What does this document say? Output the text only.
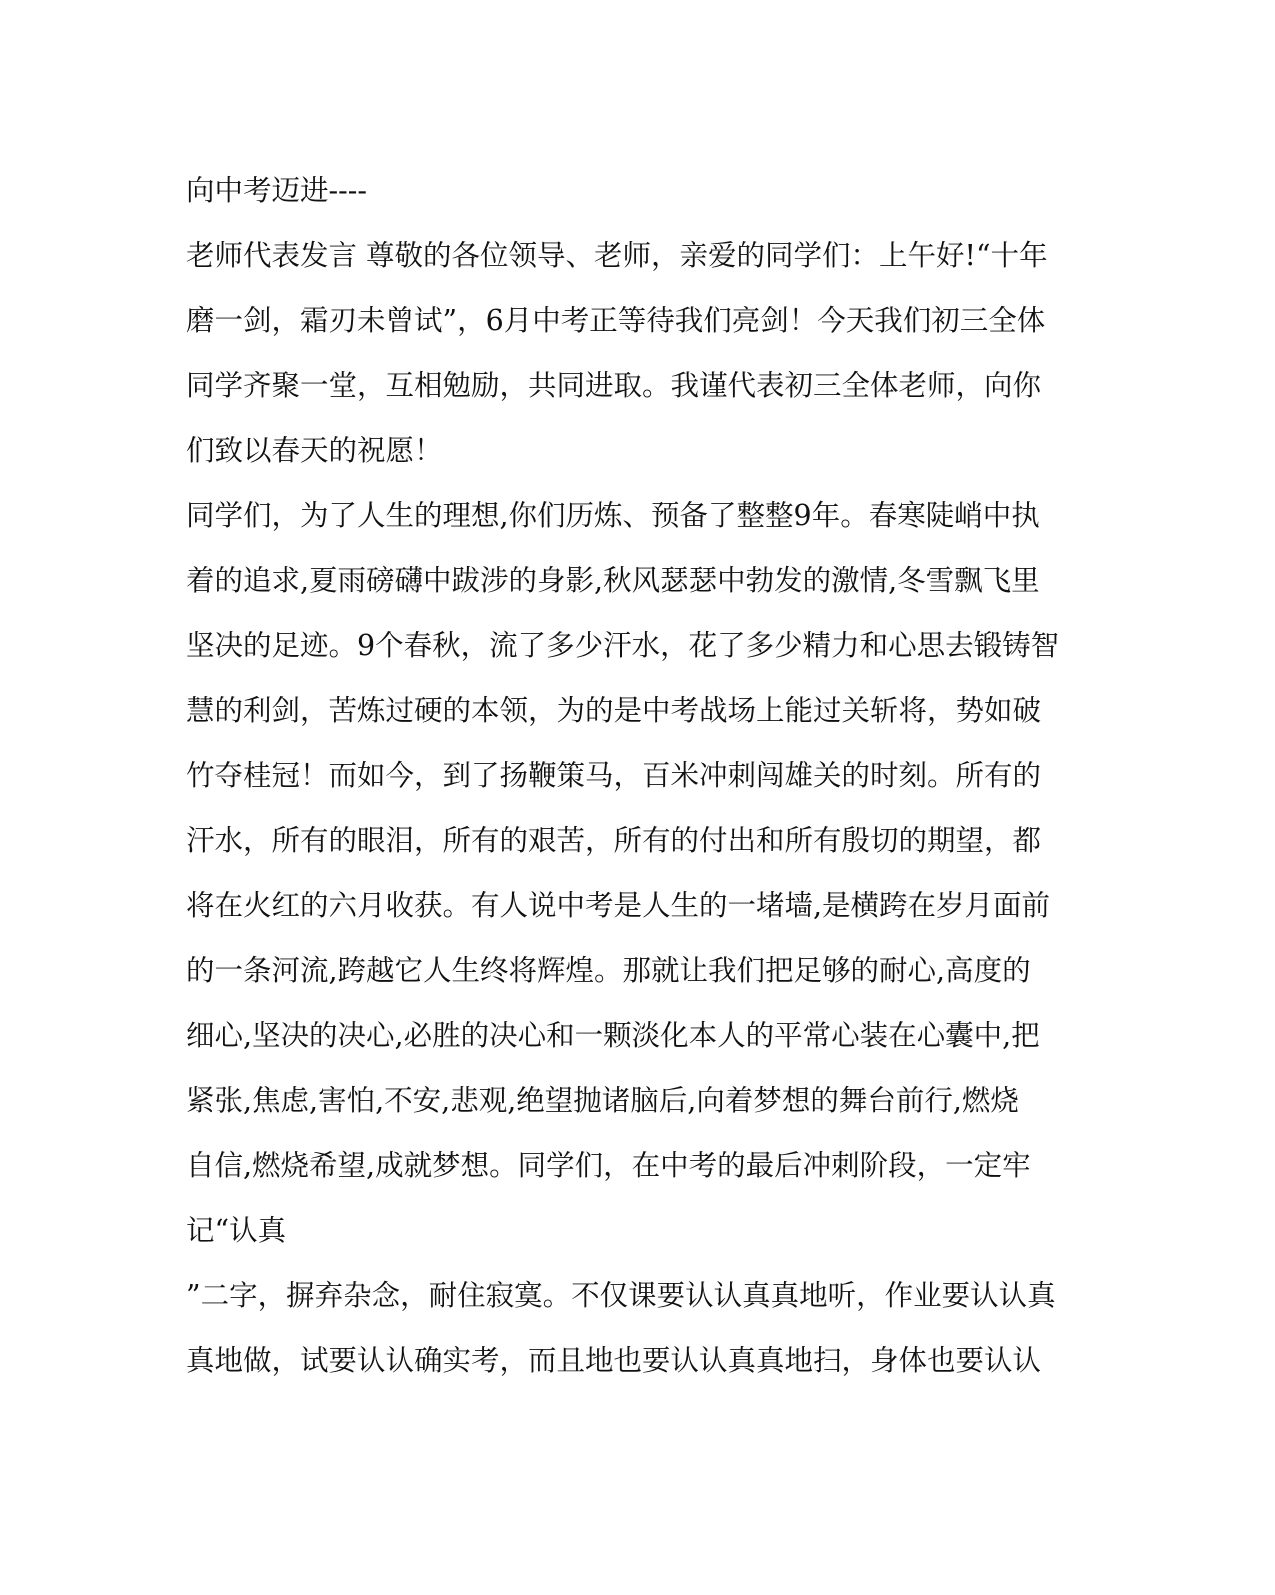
向中考迈进----
老师代表发言 尊敬的各位领导、老师，亲爱的同学们：上午好!“十年
磨一剑，霜刃未曾试”，6月中考正等待我们亮剑！今天我们初三全体
同学齐聚一堂，互相勉励，共同进取。我谨代表初三全体老师，向你
们致以春天的祝愿！
同学们，为了人生的理想,你们历炼、预备了整整9年。春寒陡峭中执
着的追求,夏雨磅礴中跋涉的身影,秋风瑟瑟中勃发的激情,冬雪飘飞里
坚决的足迹。9个春秋，流了多少汗水，花了多少精力和心思去锻铸智
慧的利剑，苦炼过硬的本领，为的是中考战场上能过关斩将，势如破
竹夺桂冠！而如今，到了扬鞭策马，百米冲刺闯雄关的时刻。所有的
汗水，所有的眼泪，所有的艰苦，所有的付出和所有殷切的期望，都
将在火红的六月收获。有人说中考是人生的一堵墙,是横跨在岁月面前
的一条河流,跨越它人生终将辉煌。那就让我们把足够的耐心,高度的
细心,坚决的决心,必胜的决心和一颗淡化本人的平常心装在心囊中,把
紧张,焦虑,害怕,不安,悲观,绝望抛诸脑后,向着梦想的舞台前行,燃烧
自信,燃烧希望,成就梦想。同学们，在中考的最后冲刺阶段，一定牢
记“认真
”二字，摒弃杂念，耐住寂寞。不仅课要认认真真地听，作业要认认真
真地做，试要认认确实考，而且地也要认认真真地扫，身体也要认认
